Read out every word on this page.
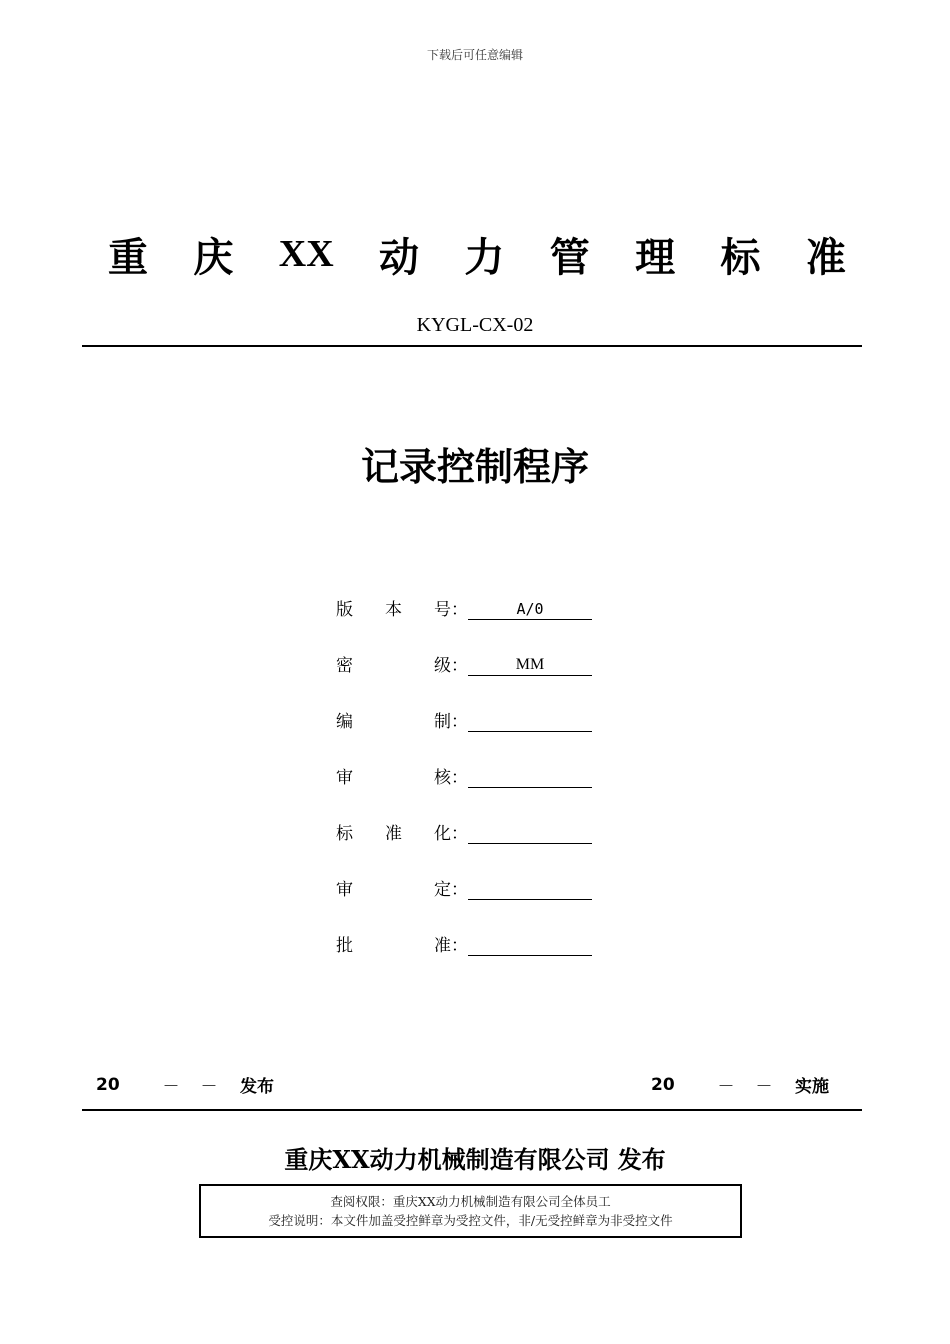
下载后可任意编辑
重 庆 XX 动 力 管 理 标 准
KYGL-CX-02
记录控制程序
版 本 号：	A/0
密	级：	MM
编	制：
审	核：
标 准 化：
审	定：
批	准：
20	－	－	发布	20	－	－	实施
重庆XX动力机械制造有限公司 发布
查阅权限：重庆XX动力机械制造有限公司全体员工
受控说明：本文件加盖受控鲜章为受控文件，非/无受控鲜章为非受控文件
